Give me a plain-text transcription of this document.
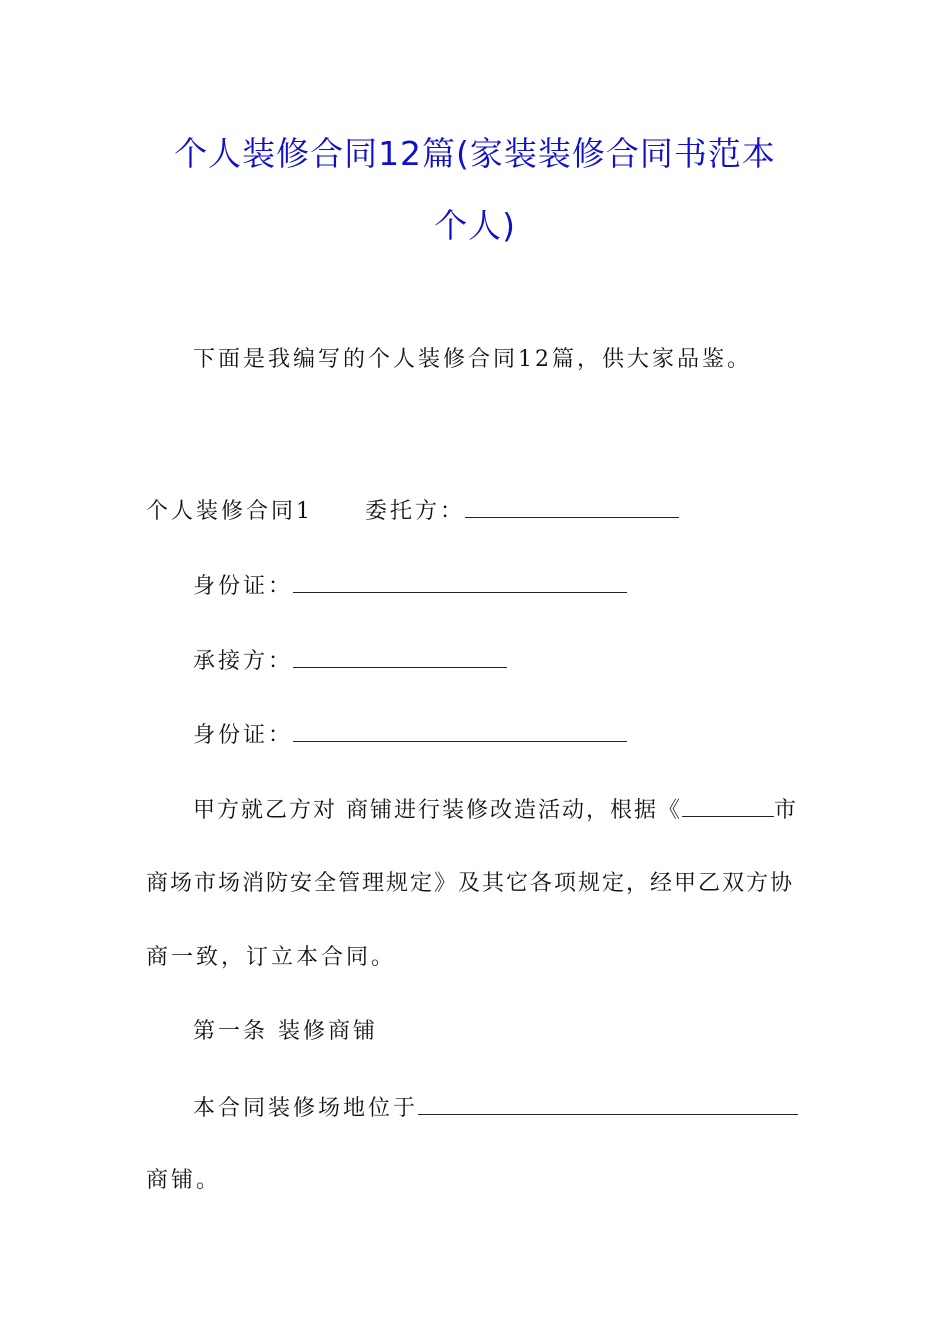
个人装修合同12篇(家装装修合同书范本
个人)
下面是我编写的个人装修合同12篇，供大家品鉴。
个人装修合同1 委托方：
身份证：
承接方：
身份证：
甲方就乙方对 商铺进行装修改造活动，根据《	市
商场市场消防安全管理规定》及其它各项规定，经甲乙双方协
商一致，订立本合同。
第一条 装修商铺
本合同装修场地位于
商铺。
